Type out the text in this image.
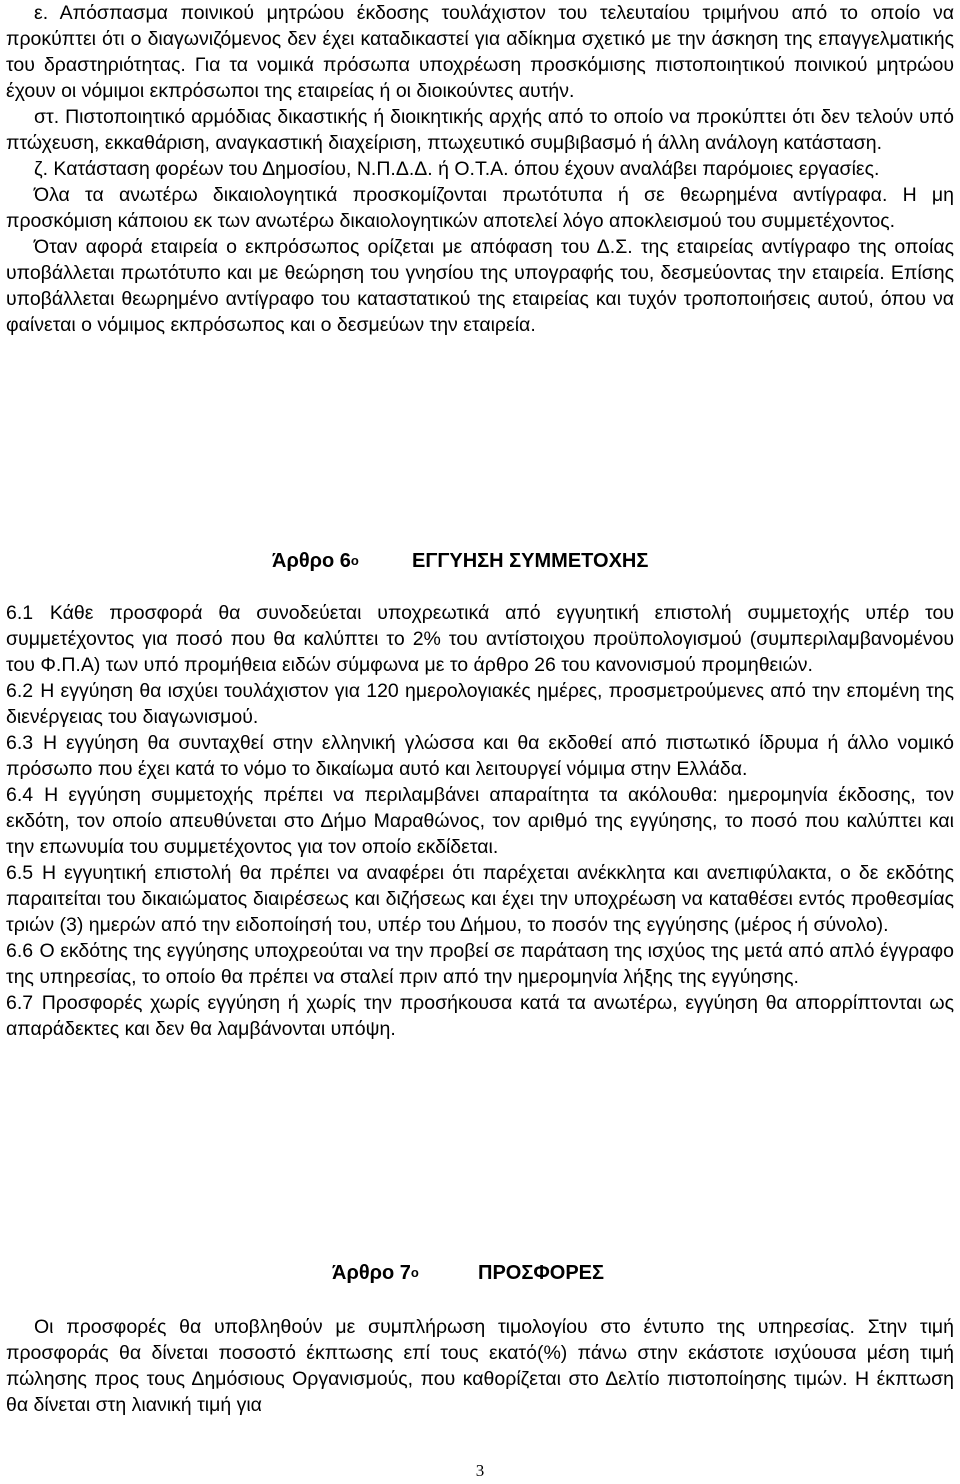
ε. Απόσπασμα ποινικού μητρώου έκδοσης τουλάχιστον του τελευταίου τριμήνου από το οποίο να προκύπτει ότι ο διαγωνιζόμενος δεν έχει καταδικαστεί για αδίκημα σχετικό με την άσκηση της επαγγελματικής του δραστηριότητας. Για τα νομικά πρόσωπα υποχρέωση προσκόμισης πιστοποιητικού ποινικού μητρώου έχουν οι νόμιμοι εκπρόσωποι της εταιρείας ή οι διοικούντες αυτήν.

στ. Πιστοποιητικό αρμόδιας δικαστικής ή διοικητικής αρχής από το οποίο να προκύπτει ότι δεν τελούν υπό πτώχευση, εκκαθάριση, αναγκαστική διαχείριση, πτωχευτικό συμβιβασμό ή άλλη ανάλογη κατάσταση.

ζ. Κατάσταση φορέων του Δημοσίου, Ν.Π.Δ.Δ. ή Ο.Τ.Α. όπου έχουν αναλάβει παρόμοιες εργασίες.

Όλα τα ανωτέρω δικαιολογητικά προσκομίζονται πρωτότυπα ή σε θεωρημένα αντίγραφα. Η μη προσκόμιση κάποιου εκ των ανωτέρω δικαιολογητικών αποτελεί λόγο αποκλεισμού του συμμετέχοντος.

Όταν αφορά εταιρεία ο εκπρόσωπος ορίζεται με απόφαση του Δ.Σ. της εταιρείας αντίγραφο της οποίας υποβάλλεται πρωτότυπο και με θεώρηση του γνησίου της υπογραφής του, δεσμεύοντας την εταιρεία. Επίσης υποβάλλεται θεωρημένο αντίγραφο του καταστατικού της εταιρείας και τυχόν τροποποιήσεις αυτού, όπου να φαίνεται ο νόμιμος εκπρόσωπος και ο δεσμεύων την εταιρεία.

Άρθρο 6 ο	ΕΓΓΥΗΣΗ ΣΥΜΜΕΤΟΧΗΣ

6.1 Κάθε προσφορά θα συνοδεύεται υποχρεωτικά από εγγυητική επιστολή συμμετοχής υπέρ του συμμετέχοντος για ποσό που θα καλύπτει το 2% του αντίστοιχου προϋπολογισμού (συμπεριλαμβανομένου του Φ.Π.Α) των υπό προμήθεια ειδών σύμφωνα με το άρθρο 26 του κανονισμού προμηθειών.

6.2 Η εγγύηση θα ισχύει τουλάχιστον για 120 ημερολογιακές ημέρες, προσμετρούμενες από την επομένη της διενέργειας του διαγωνισμού.

6.3 Η εγγύηση θα συνταχθεί στην ελληνική γλώσσα και θα εκδοθεί από πιστωτικό ίδρυμα ή άλλο νομικό πρόσωπο που έχει κατά το νόμο το δικαίωμα αυτό και λειτουργεί νόμιμα στην Ελλάδα.

6.4 Η εγγύηση συμμετοχής πρέπει να περιλαμβάνει απαραίτητα τα ακόλουθα: ημερομηνία έκδοσης, τον εκδότη, τον οποίο απευθύνεται στο Δήμο Μαραθώνος, τον αριθμό της εγγύησης, το ποσό που καλύπτει και την επωνυμία του συμμετέχοντος για τον οποίο εκδίδεται.

6.5 Η εγγυητική επιστολή θα πρέπει να αναφέρει ότι παρέχεται ανέκκλητα και ανεπιφύλακτα, ο δε εκδότης παραιτείται του δικαιώματος διαιρέσεως και διζήσεως και έχει την υποχρέωση να καταθέσει εντός προθεσμίας τριών (3) ημερών από την ειδοποίησή του, υπέρ του Δήμου, το ποσόν της εγγύησης (μέρος ή σύνολο).

6.6 Ο εκδότης της εγγύησης υποχρεούται να την προβεί σε παράταση της ισχύος της μετά από απλό έγγραφο της υπηρεσίας, το οποίο θα πρέπει να σταλεί πριν από την ημερομηνία λήξης της εγγύησης.

6.7 Προσφορές χωρίς εγγύηση ή χωρίς την προσήκουσα κατά τα ανωτέρω, εγγύηση θα απορρίπτονται ως απαράδεκτες και δεν θα λαμβάνονται υπόψη.

Άρθρο 7 ο	ΠΡΟΣΦΟΡΕΣ

Οι προσφορές θα υποβληθούν με συμπλήρωση τιμολογίου στο έντυπο της υπηρεσίας. Στην τιμή προσφοράς θα δίνεται ποσοστό έκπτωσης επί τους εκατό(%) πάνω στην εκάστοτε ισχύουσα μέση τιμή πώλησης προς τους Δημόσιους Οργανισμούς, που καθορίζεται στο Δελτίο πιστοποίησης τιμών. Η έκπτωση θα δίνεται στη λιανική τιμή για

3
